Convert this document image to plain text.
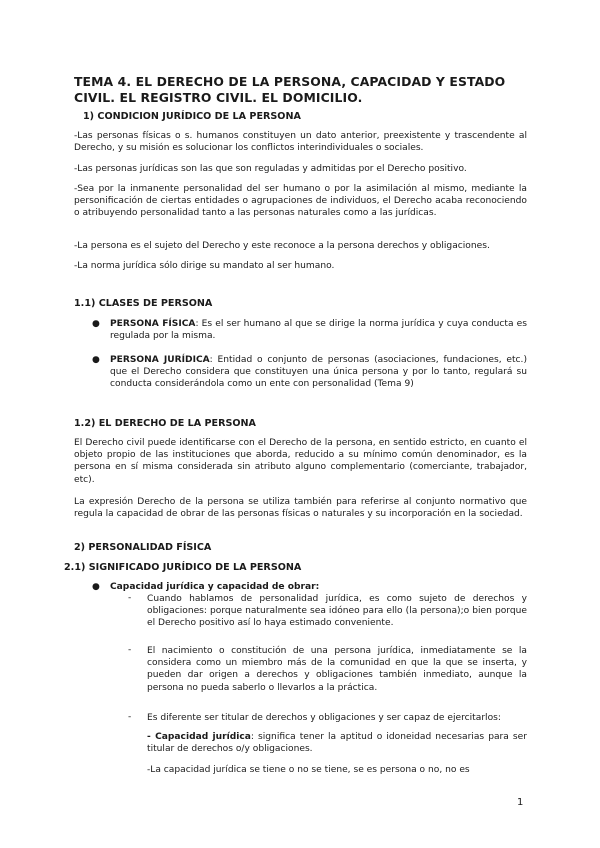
TEMA 4. EL DERECHO DE LA PERSONA, CAPACIDAD Y ESTADO CIVIL. EL REGISTRO CIVIL. EL DOMICILIO.
1) CONDICION JURÍDICO DE LA PERSONA

-Las personas físicas o s. humanos constituyen un dato anterior, preexistente y trascendente al Derecho, y su misión es solucionar los conflictos interindividuales o sociales.

-Las personas jurídicas son las que son reguladas y admitidas por el Derecho positivo.

-Sea por la inmanente personalidad del ser humano o por la asimilación al mismo, mediante la personificación de ciertas entidades o agrupaciones de individuos, el Derecho acaba reconociendo o atribuyendo personalidad tanto a las personas naturales como a las jurídicas.

-La persona es el sujeto del Derecho y este reconoce a la persona derechos y obligaciones.

-La norma jurídica sólo dirige su mandato al ser humano.

1.1) CLASES DE PERSONA
● PERSONA FÍSICA: Es el ser humano al que se dirige la norma jurídica y cuya conducta es regulada por la misma.

● PERSONA JURÍDICA: Entidad o conjunto de personas (asociaciones, fundaciones, etc.) que el Derecho considera que constituyen una única persona y por lo tanto, regulará su conducta considerándola como un ente con personalidad (Tema 9)

1.2) EL DERECHO DE LA PERSONA

El Derecho civil puede identificarse con el Derecho de la persona, en sentido estricto, en cuanto el objeto propio de las instituciones que aborda, reducido a su mínimo común denominador, es la persona en sí misma considerada sin atributo alguno complementario (comerciante, trabajador, etc).

La expresión Derecho de la persona se utiliza también para referirse al conjunto normativo que regula la capacidad de obrar de las personas físicas o naturales y su incorporación en la sociedad.

2) PERSONALIDAD FÍSICA
2.1) SIGNIFICADO JURÍDICO DE LA PERSONA
● Capacidad jurídica y capacidad de obrar:
- Cuando hablamos de personalidad jurídica, es como sujeto de derechos y obligaciones: porque naturalmente sea idóneo para ello (la persona);o bien porque el Derecho positivo así lo haya estimado conveniente.

- El nacimiento o constitución de una persona jurídica, inmediatamente se la considera como un miembro más de la comunidad en que la que se inserta, y pueden dar origen a derechos y obligaciones también inmediato, aunque la persona no pueda saberlo o llevarlos a la práctica.

- Es diferente ser titular de derechos y obligaciones y ser capaz de ejercitarlos:

- Capacidad jurídica: significa tener la aptitud o idoneidad necesarias para ser titular de derechos o/y obligaciones.

-La capacidad jurídica se tiene o no se tiene, se es persona o no, no es

1
